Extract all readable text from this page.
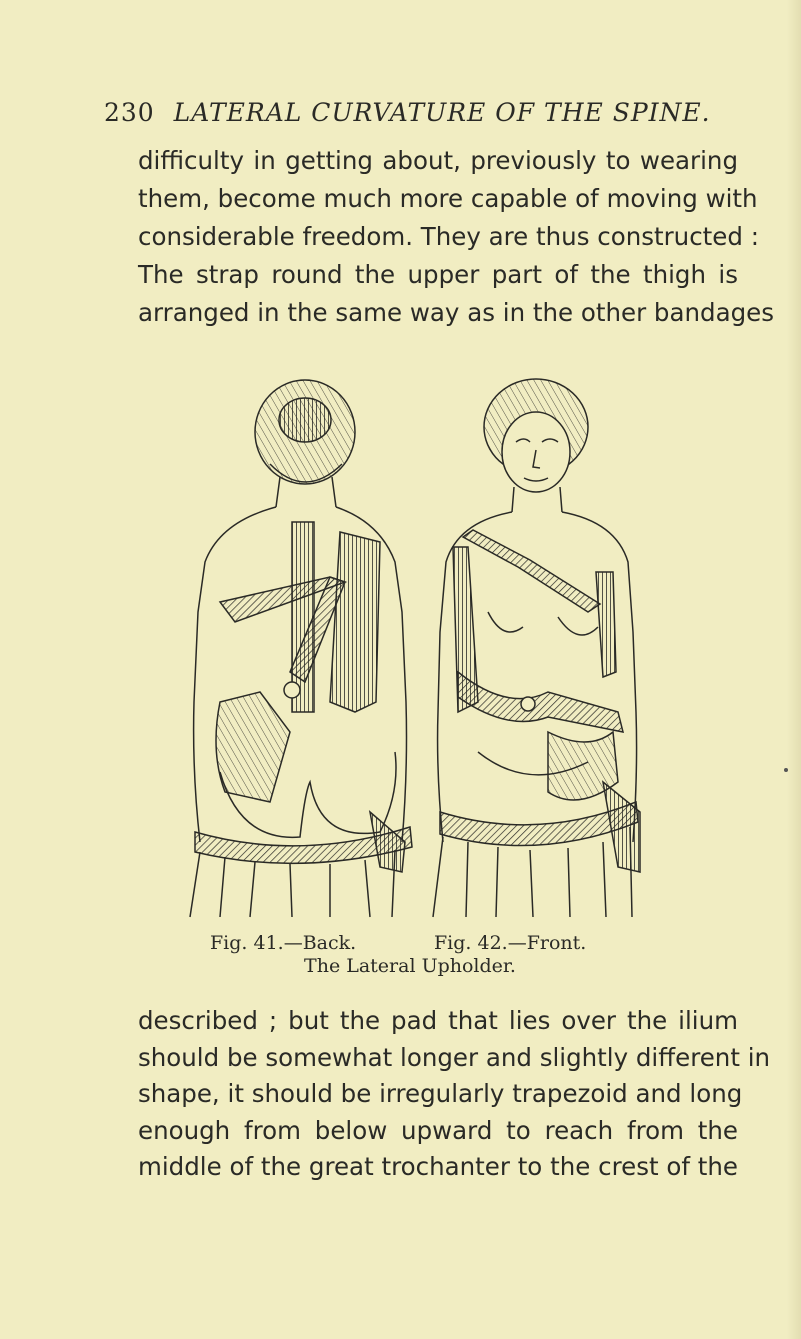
230 LATERAL CURVATURE OF THE SPINE.

difficulty in getting about, previously to wearing
them, become much more capable of moving with
considerable freedom. They are thus constructed :
The strap round the upper part of the thigh is
arranged in the same way as in the other bandages

Fig. 41.—Back.	Fig. 42.—Front.
The Lateral Upholder.

described ; but the pad that lies over the ilium
should be somewhat longer and slightly different in
shape, it should be irregularly trapezoid and long
enough from below upward to reach from the
middle of the great trochanter to the crest of the
